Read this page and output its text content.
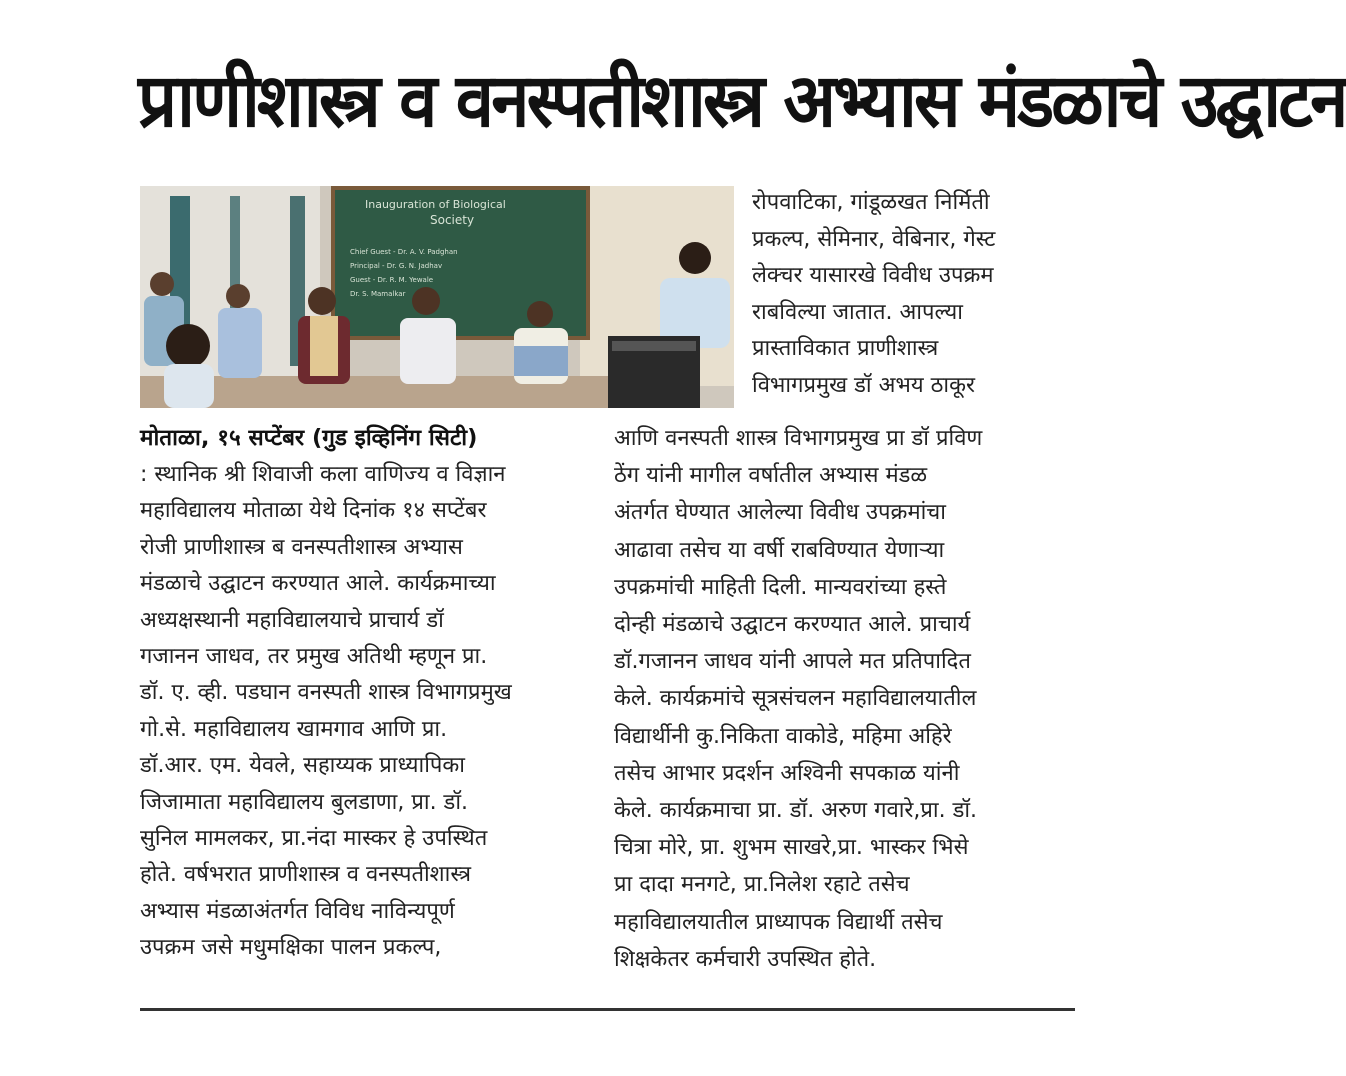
प्राणीशास्त्र व वनस्पतीशास्त्र अभ्यास मंडळाचे उद्घाटन
Inauguration of Biological
Society
Chief Guest - Dr. A. V. Padghan
Principal - Dr. G. N. Jadhav
Guest - Dr. R. M. Yewale
Dr. S. Mamalkar
रोपवाटिका, गांडूळखत निर्मिती
प्रकल्प, सेमिनार, वेबिनार, गेस्ट
लेक्चर यासारखे विवीध उपक्रम
राबविल्या जातात. आपल्या
प्रास्ताविकात प्राणीशास्त्र
विभागप्रमुख डॉ अभय ठाकूर
मोताळा, १५ सप्टेंबर (गुड इव्हिनिंग सिटी)
: स्थानिक श्री शिवाजी कला वाणिज्य व विज्ञान
महाविद्यालय मोताळा येथे दिनांक १४ सप्टेंबर
रोजी प्राणीशास्त्र ब वनस्पतीशास्त्र अभ्यास
मंडळाचे उद्घाटन करण्यात आले. कार्यक्रमाच्या
अध्यक्षस्थानी महाविद्यालयाचे प्राचार्य डॉ
गजानन जाधव, तर प्रमुख अतिथी म्हणून प्रा.
डॉ. ए. व्ही. पडघान वनस्पती शास्त्र विभागप्रमुख
गो.से. महाविद्यालय खामगाव आणि प्रा.
डॉ.आर. एम. येवले, सहाय्यक प्राध्यापिका
जिजामाता महाविद्यालय बुलडाणा, प्रा. डॉ.
सुनिल मामलकर, प्रा.नंदा मास्कर हे उपस्थित
होते. वर्षभरात प्राणीशास्त्र व वनस्पतीशास्त्र
अभ्यास मंडळाअंतर्गत विविध नाविन्यपूर्ण
उपक्रम जसे मधुमक्षिका पालन प्रकल्प,
आणि वनस्पती शास्त्र विभागप्रमुख प्रा डॉ प्रविण
ठेंग यांनी मागील वर्षातील अभ्यास मंडळ
अंतर्गत घेण्यात आलेल्या विवीध उपक्रमांचा
आढावा तसेच या वर्षी राबविण्यात येणाऱ्या
उपक्रमांची माहिती दिली. मान्यवरांच्या हस्ते
दोन्ही मंडळाचे उद्घाटन करण्यात आले. प्राचार्य
डॉ.गजानन जाधव यांनी आपले मत प्रतिपादित
केले. कार्यक्रमांचे सूत्रसंचलन महाविद्यालयातील
विद्यार्थीनी कु.निकिता वाकोडे, महिमा अहिरे
तसेच आभार प्रदर्शन अश्विनी सपकाळ यांनी
केले. कार्यक्रमाचा प्रा. डॉ. अरुण गवारे,प्रा. डॉ.
चित्रा मोरे, प्रा. शुभम साखरे,प्रा. भास्कर भिसे
प्रा दादा मनगटे, प्रा.निलेश रहाटे तसेच
महाविद्यालयातील प्राध्यापक विद्यार्थी तसेच
शिक्षकेतर कर्मचारी उपस्थित होते.
